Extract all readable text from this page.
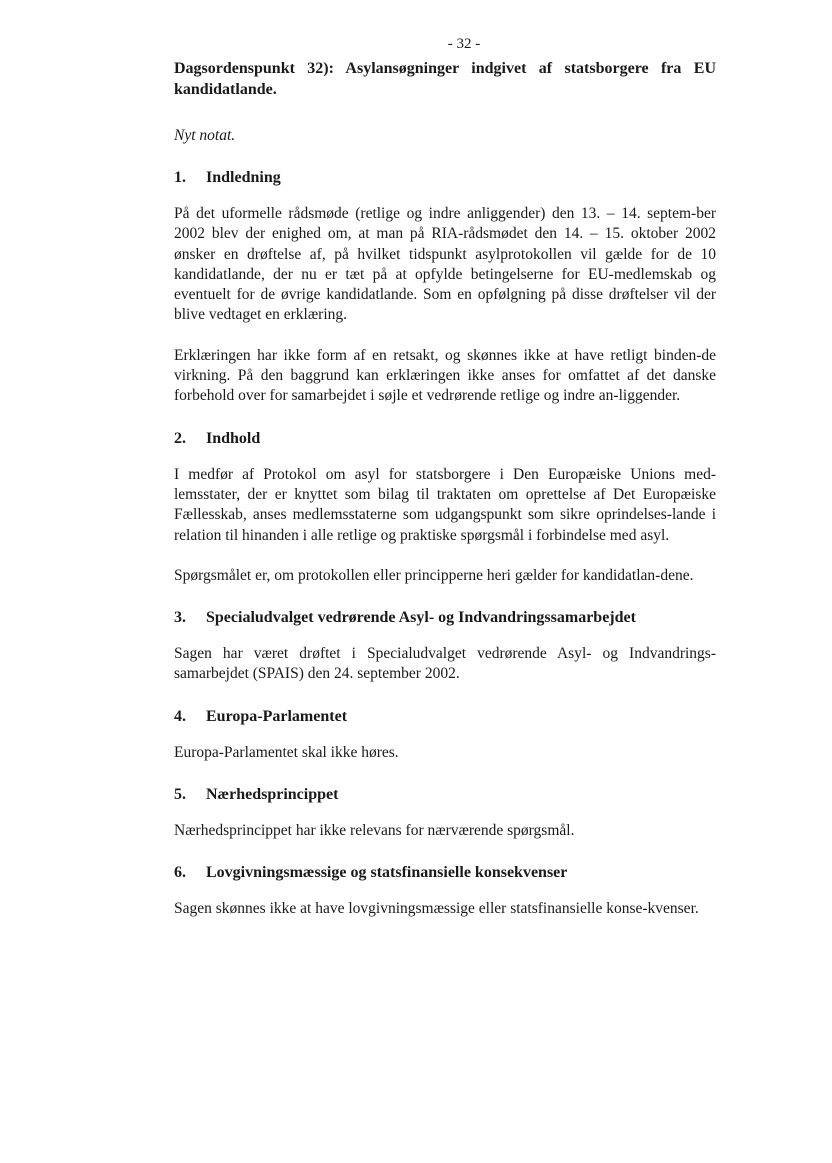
- 32 -

Dagsordenspunkt 32): Asylansøgninger indgivet af statsborgere fra EU kandidatlande.

Nyt notat.

1.	Indledning

På det uformelle rådsmøde (retlige og indre anliggender) den 13. – 14. septem-ber 2002 blev der enighed om, at man på RIA-rådsmødet den 14. – 15. oktober 2002 ønsker en drøftelse af, på hvilket tidspunkt asylprotokollen vil gælde for de 10 kandidatlande, der nu er tæt på at opfylde betingelserne for EU-medlemskab og eventuelt for de øvrige kandidatlande. Som en opfølgning på disse drøftelser vil der blive vedtaget en erklæring.

Erklæringen har ikke form af en retsakt, og skønnes ikke at have retligt binden-de virkning. På den baggrund kan erklæringen ikke anses for omfattet af det danske forbehold over for samarbejdet i søjle et vedrørende retlige og indre an-liggender.

2.	Indhold

I medfør af Protokol om asyl for statsborgere i Den Europæiske Unions med-lemsstater, der er knyttet som bilag til traktaten om oprettelse af Det Europæiske Fællesskab, anses medlemsstaterne som udgangspunkt som sikre oprindelses-lande i relation til hinanden i alle retlige og praktiske spørgsmål i forbindelse med asyl.

Spørgsmålet er, om protokollen eller principperne heri gælder for kandidatlan-dene.

3.	Specialudvalget vedrørende Asyl- og Indvandringssamarbejdet

Sagen har været drøftet i Specialudvalget vedrørende Asyl- og Indvandrings-samarbejdet (SPAIS) den 24. september 2002.

4.	Europa-Parlamentet

Europa-Parlamentet skal ikke høres.

5.	Nærhedsprincippet

Nærhedsprincippet har ikke relevans for nærværende spørgsmål.

6.	Lovgivningsmæssige og statsfinansielle konsekvenser

Sagen skønnes ikke at have lovgivningsmæssige eller statsfinansielle konse-kvenser.
